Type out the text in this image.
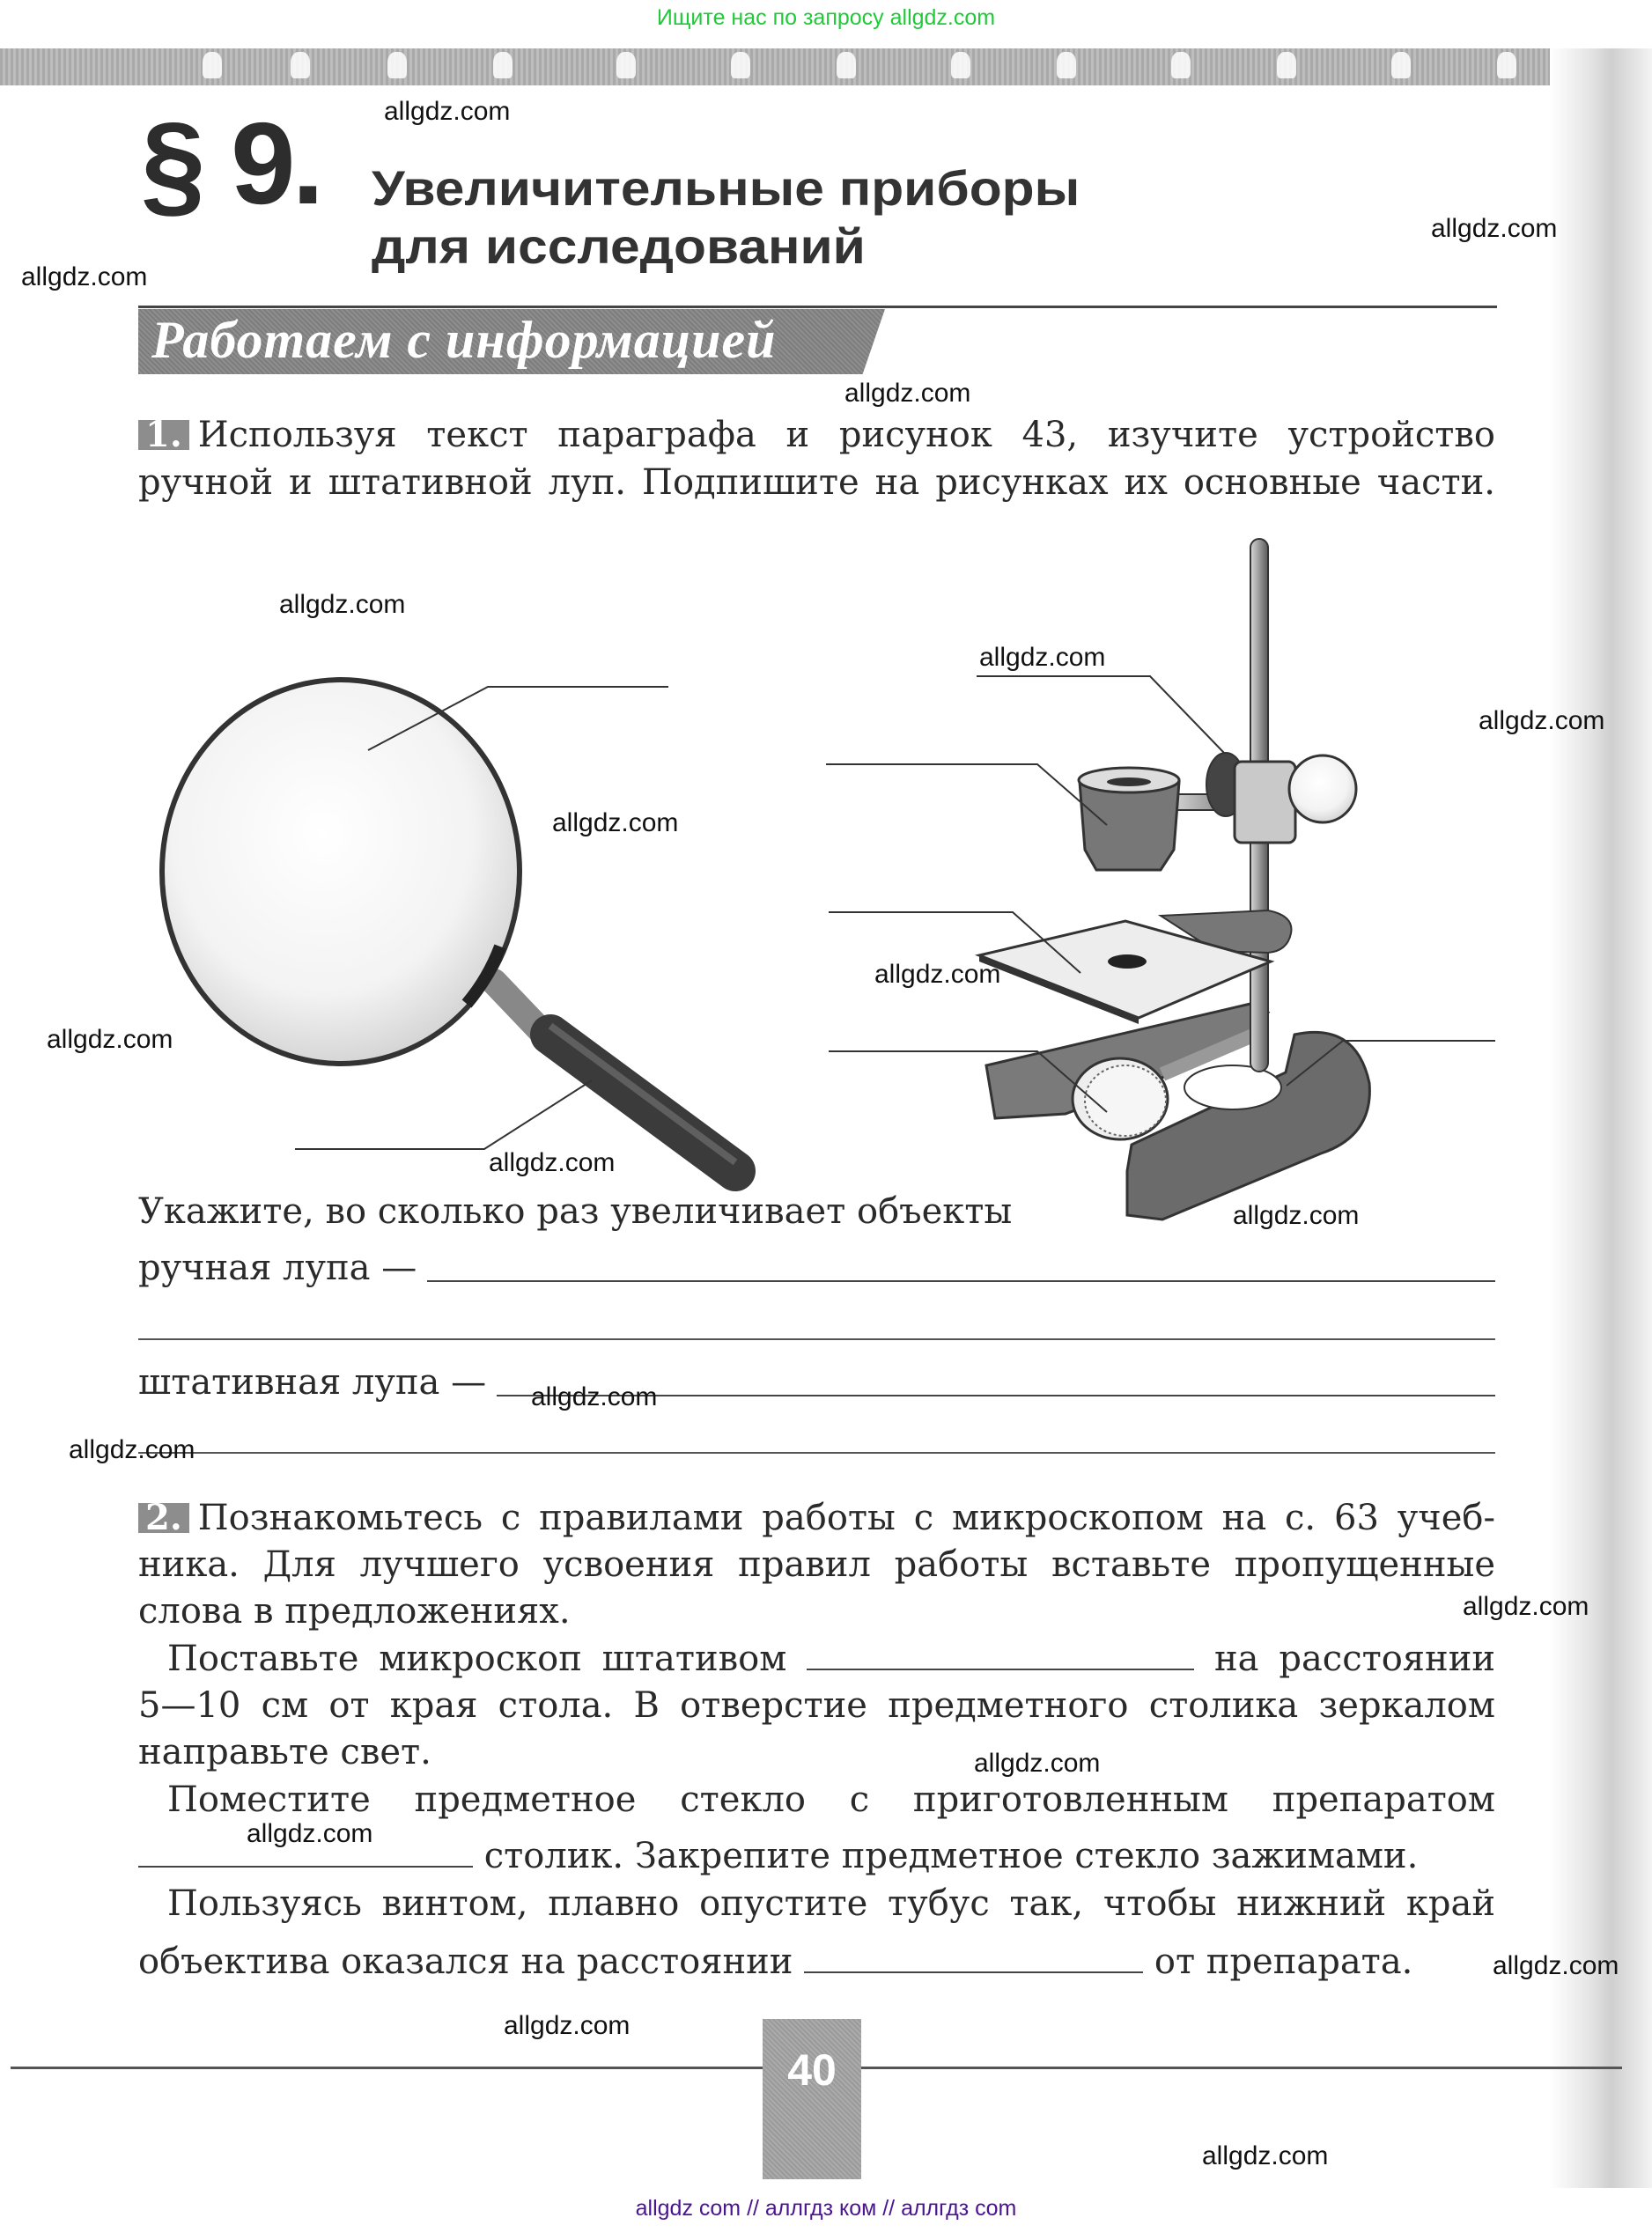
Ищите нас по запросу allgdz.com
§ 9. Увеличительные приборы
для исследований
Работаем с информацией
1. Используя текст параграфа и рисунок 43, изучите устройство
ручной и штативной луп. Подпишите на рисунках их основные части.
Укажите, во сколько раз увеличивает объекты
ручная лупа —
штативная лупа —
2. Познакомьтесь с правилами работы с микроскопом на с. 63 учеб-
ника. Для лучшего усвоения правил работы вставьте пропущенные
слова в предложениях.
Поставьте микроскоп штативом	на расстоянии
5—10 см от края стола. В отверстие предметного столика зеркалом
направьте свет.
Поместите предметное стекло с приготовленным препаратом
столик. Закрепите предметное стекло зажимами.
Пользуясь винтом, плавно опустите тубус так, чтобы нижний край
объектива оказался на расстоянии	от препарата.
40
allgdz com // аллгдз ком // аллгдз com
allgdz.com
allgdz.com
allgdz.com
allgdz.com
allgdz.com
allgdz.com
allgdz.com
allgdz.com
allgdz.com
allgdz.com
allgdz.com
allgdz.com
allgdz.com
allgdz.com
allgdz.com
allgdz.com
allgdz.com
allgdz.com
allgdz.com
allgdz.com
